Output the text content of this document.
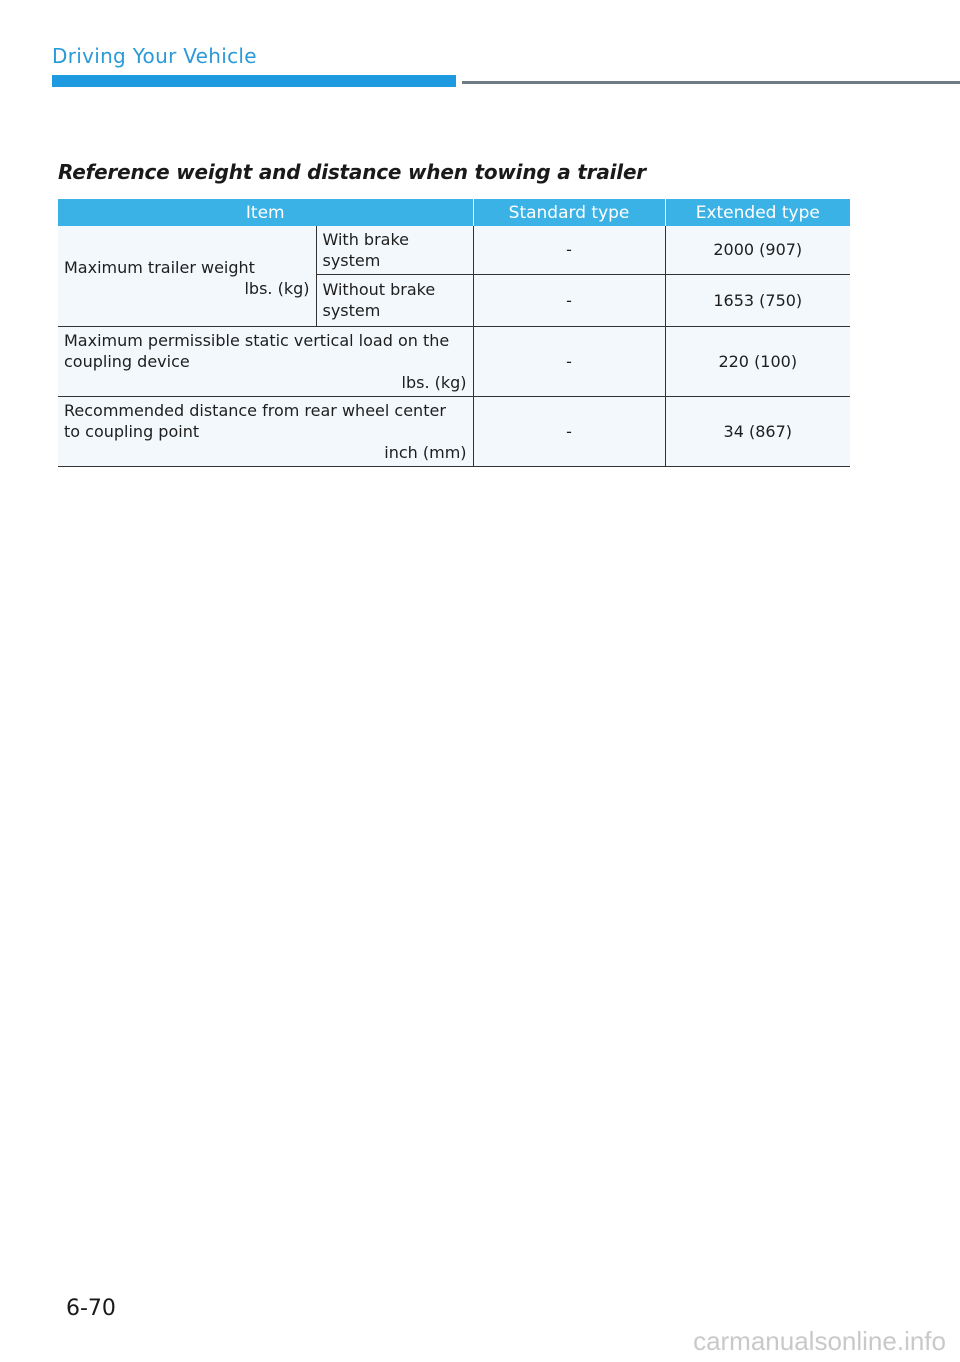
Driving Your Vehicle
Reference weight and distance when towing a trailer
Item		Standard type	Extended type

Maximum trailer weight
lbs. (kg)	With brake system	-	2000 (907)
	Without brake system	-	1653 (750)

Maximum permissible static vertical load on the coupling device
lbs. (kg)		-	220 (100)

Recommended distance from rear wheel center to coupling point
inch (mm)		-	34 (867)
6-70
carmanualsonline.info
